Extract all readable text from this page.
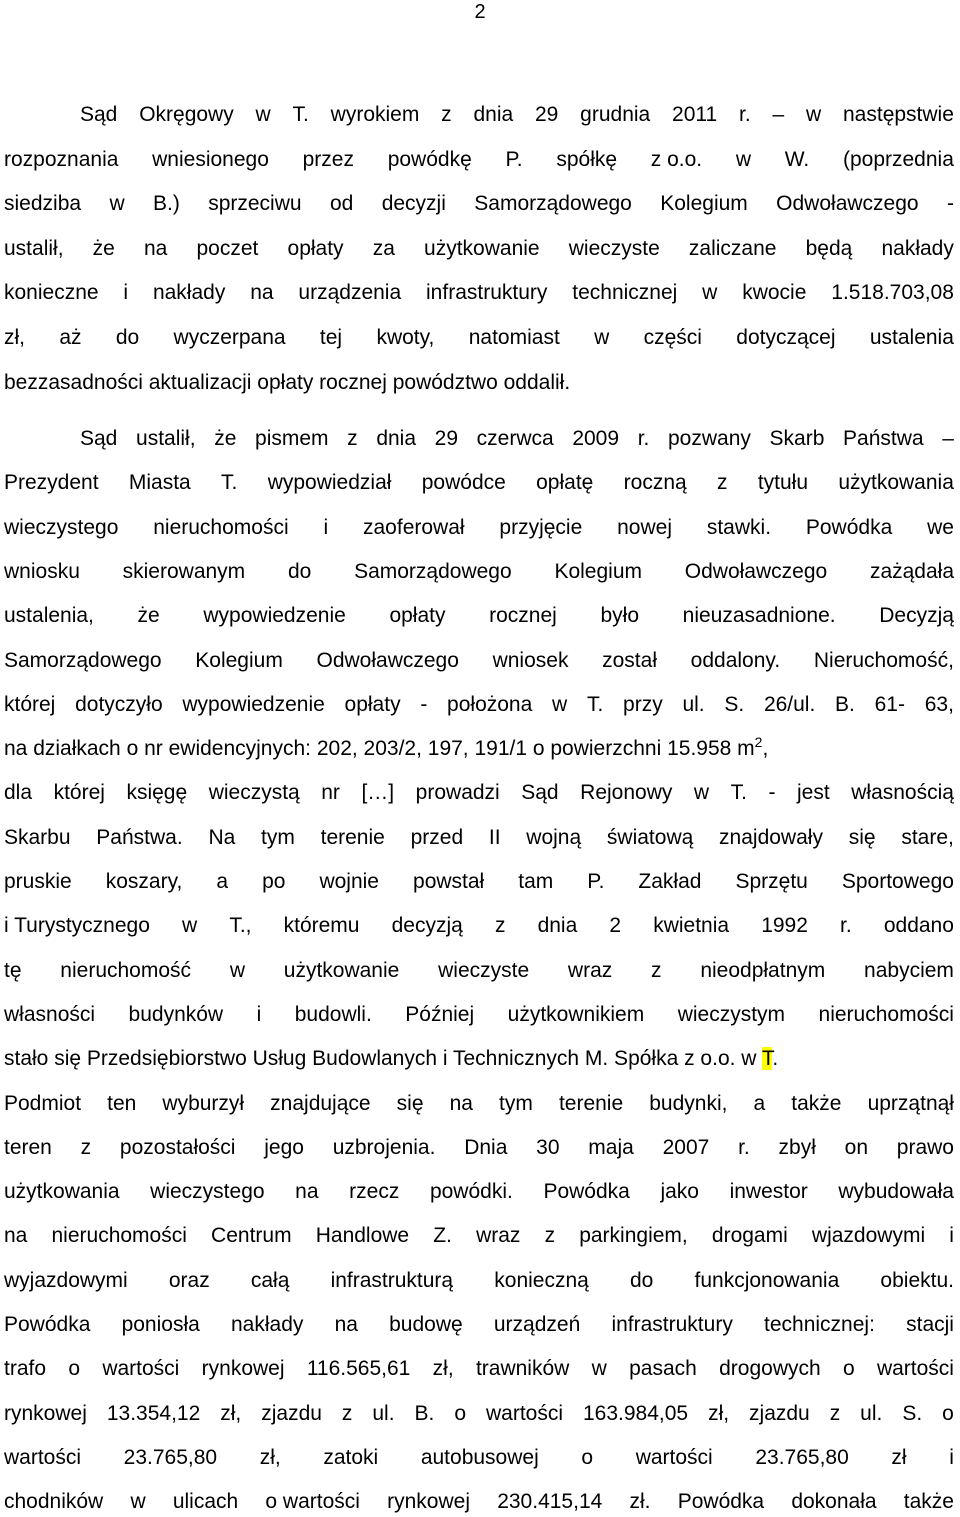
2
Sąd Okręgowy w T. wyrokiem z dnia 29 grudnia 2011 r. – w następstwie
rozpoznania wniesionego przez powódkę P. spółkę z o.o. w W. (poprzednia
siedziba w B.) sprzeciwu od decyzji Samorządowego Kolegium Odwoławczego -
ustalił, że na poczet opłaty za użytkowanie wieczyste zaliczane będą nakłady
konieczne i nakłady na urządzenia infrastruktury technicznej w kwocie 1.518.703,08
zł, aż do wyczerpana tej kwoty, natomiast w części dotyczącej ustalenia
bezzasadności aktualizacji opłaty rocznej powództwo oddalił.
Sąd ustalił, że pismem z dnia 29 czerwca 2009 r. pozwany Skarb Państwa –
Prezydent Miasta T. wypowiedział powódce opłatę roczną z tytułu użytkowania
wieczystego nieruchomości i zaoferował przyjęcie nowej stawki. Powódka we
wniosku skierowanym do Samorządowego Kolegium Odwoławczego zażądała
ustalenia, że wypowiedzenie opłaty rocznej było nieuzasadnione. Decyzją
Samorządowego Kolegium Odwoławczego wniosek został oddalony. Nieruchomość,
której dotyczyło wypowiedzenie opłaty - położona w T. przy ul. S. 26/ul. B. 61- 63,
na działkach o nr ewidencyjnych: 202, 203/2, 197, 191/1 o powierzchni 15.958 $m^2$,
dla której księgę wieczystą nr […] prowadzi Sąd Rejonowy w T. - jest własnością
Skarbu Państwa. Na tym terenie przed II wojną światową znajdowały się stare,
pruskie koszary, a po wojnie powstał tam P. Zakład Sprzętu Sportowego
i Turystycznego w T., któremu decyzją z dnia 2 kwietnia 1992 r. oddano
tę nieruchomość w użytkowanie wieczyste wraz z nieodpłatnym nabyciem
własności budynków i budowli. Później użytkownikiem wieczystym nieruchomości
stało się Przedsiębiorstwo Usług Budowlanych i Technicznych M. Spółka z o.o. w T.
Podmiot ten wyburzył znajdujące się na tym terenie budynki, a także uprzątnął
teren z pozostałości jego uzbrojenia. Dnia 30 maja 2007 r. zbył on prawo
użytkowania wieczystego na rzecz powódki. Powódka jako inwestor wybudowała
na nieruchomości Centrum Handlowe Z. wraz z parkingiem, drogami wjazdowymi i
wyjazdowymi oraz całą infrastrukturą konieczną do funkcjonowania obiektu.
Powódka poniosła nakłady na budowę urządzeń infrastruktury technicznej: stacji
trafo o wartości rynkowej 116.565,61 zł, trawników w pasach drogowych o wartości
rynkowej 13.354,12 zł, zjazdu z ul. B. o wartości 163.984,05 zł, zjazdu z ul. S. o
wartości 23.765,80 zł, zatoki autobusowej o wartości 23.765,80 zł i
chodników w ulicach o wartości rynkowej 230.415,14 zł. Powódka dokonała także
